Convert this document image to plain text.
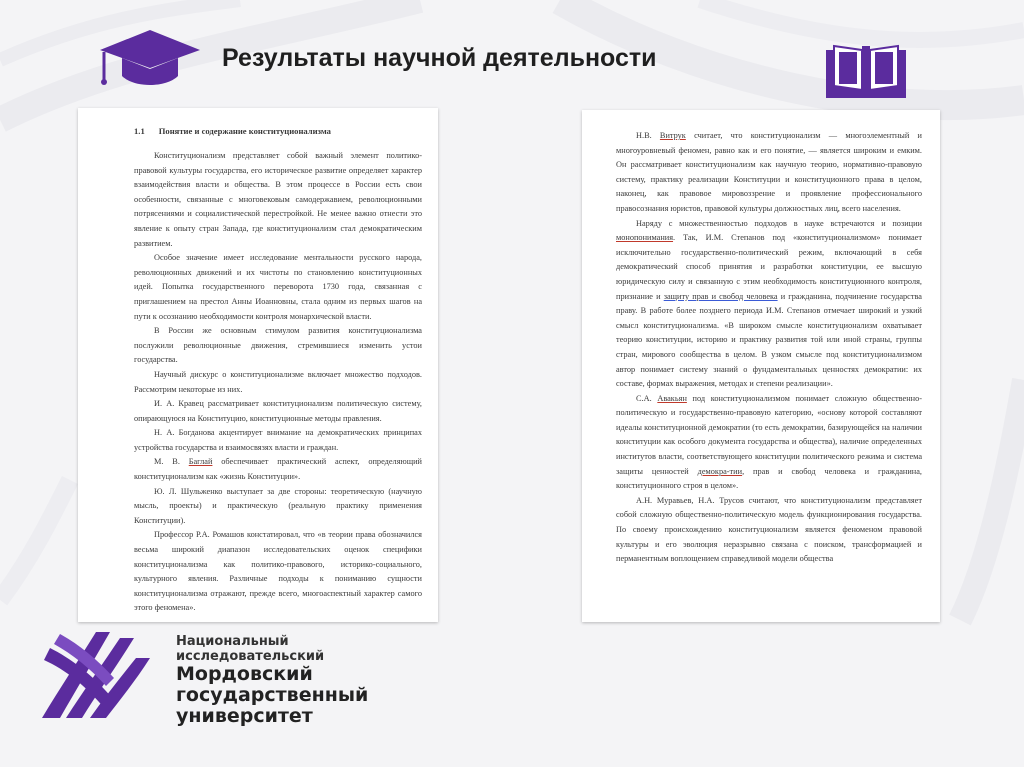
Результаты научной деятельности
1.1 Понятие и содержание конституционализма

Конституционализм представляет собой важный элемент политико-правовой культуры государства, его историческое развитие определяет характер взаимодействия власти и общества. В этом процессе в России есть свои особенности, связанные с многовековым самодержавием, революционными потрясениями и социалистической перестройкой. Не менее важно отнести это явление к опыту стран Запада, где конституционализм стал демократическим развитием.

Особое значение имеет исследование ментальности русского народа, революционных движений и их чистоты по становлению конституционных идей. Попытка государственного переворота 1730 года, связанная с приглашением на престол Анны Иоанновны, стала одним из первых шагов на пути к осознанию необходимости контроля монархической власти.

В России же основным стимулом развития конституционализма послужили революционные движения, стремившиеся изменить устои государства.

Научный дискурс о конституционализме включает множество подходов. Рассмотрим некоторые из них.

И. А. Кравец рассматривает конституционализм политическую систему, опирающуюся на Конституцию, конституционные методы правления.

Н. А. Богданова акцентирует внимание на демократических принципах устройства государства и взаимосвязях власти и граждан.

М. В. Баглай обеспечивает практический аспект, определяющий конституционализм как «жизнь Конституции».

Ю. Л. Шульженко выступает за две стороны: теоретическую (научную мысль, проекты) и практическую (реальную практику применения Конституции).

Профессор Р.А. Ромашов констатировал, что «в теории права обозначился весьма широкий диапазон исследовательских оценок специфики конституционализма как политико-правового, историко-социального, культурного явления. Различные подходы к пониманию сущности конституционализма отражают, прежде всего, многоаспектный характер самого этого феномена».

Н.В. Витрук считает, что конституционализм — многоэлементный и многоуровневый феномен, равно как и его понятие, — является широким и емким. Он рассматривает конституционализм как научную теорию, нормативно-правовую систему, практику реализации Конституции и конституционного права в целом, наконец, как правовое мировоззрение и проявление профессионального правосознания юристов, правовой культуры должностных лиц, всего населения.

Наряду с множественностью подходов в науке встречаются и позиции монопонимания. Так, И.М. Степанов под «конституционализмом» понимает исключительно государственно-политический режим, включающий в себя демократический способ принятия и разработки конституции, ее высшую юридическую силу и связанную с этим необходимость конституционного контроля, признание и защиту прав и свобод человека и гражданина, подчинение государства праву. В работе более позднего периода И.М. Степанов отмечает широкий и узкий смысл конституционализма. «В широком смысле конституционализм охватывает теорию конституции, историю и практику развития той или иной страны, группы стран, мирового сообщества в целом. В узком смысле под конституционализмом автор понимает систему знаний о фундаментальных ценностях демократии: их составе, формах выражения, методах и степени реализации».

С.А. Авакьян под конституционализмом понимает сложную общественно-политическую и государственно-правовую категорию, «основу которой составляют идеалы конституционной демократии (то есть демократии, базирующейся на наличии конституции как особого документа государства и общества), наличие определенных институтов власти, соответствующего конституции политического режима и система защиты ценностей демокра-тии, прав и свобод человека и гражданина, конституционного строя в целом».

А.Н. Муравьев, Н.А. Трусов считают, что конституционализм представляет собой сложную общественно-политическую модель функционирования государства. По своему происхождению конституционализм является феноменом правовой культуры и его эволюция неразрывно связана с поиском, трансформацией и перманентным воплощением справедливой модели общества

Национальный
исследовательский
Мордовский
государственный
университет
